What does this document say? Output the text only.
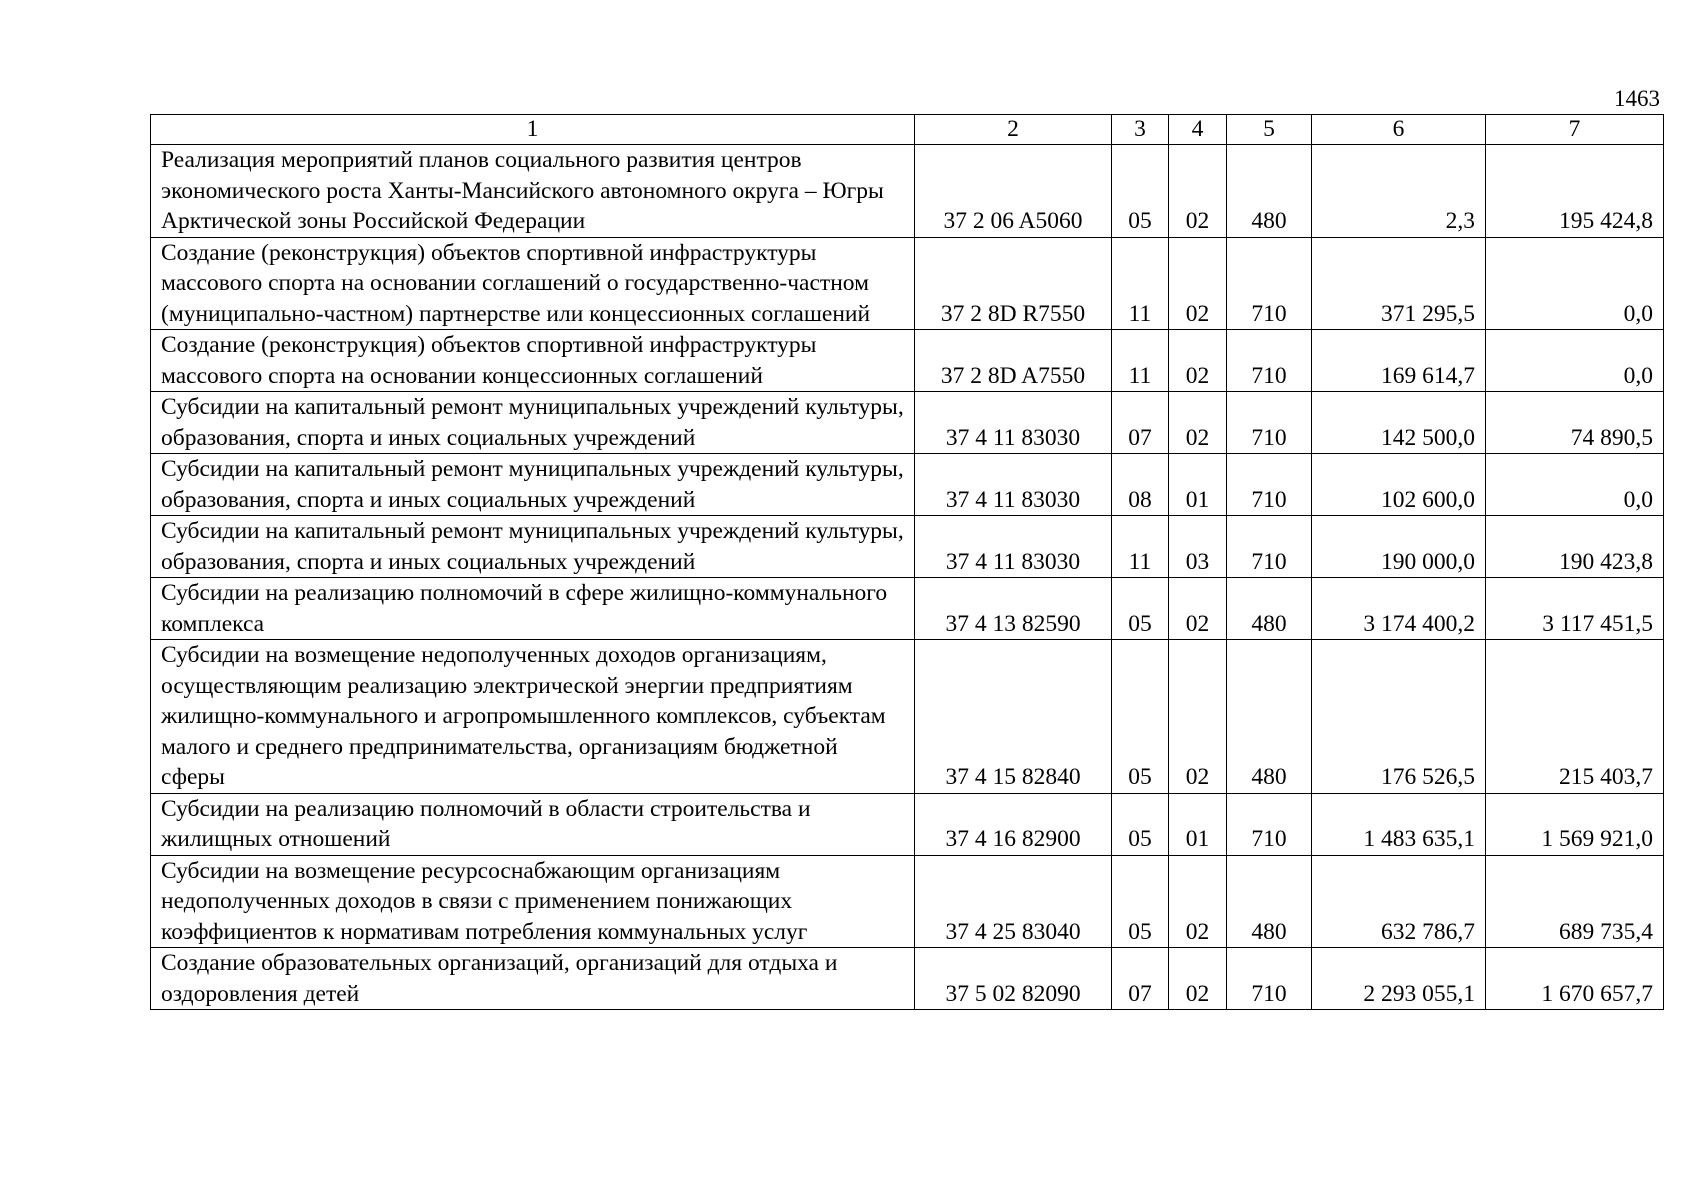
1463
1	2	3	4	5	6	7
Реализация мероприятий планов социального развития центров экономического роста Ханты-Мансийского автономного округа – Югры Арктической зоны Российской Федерации	37 2 06 A5060	05	02	480	2,3	195 424,8
Создание (реконструкция) объектов спортивной инфраструктуры массового спорта на основании соглашений о государственно-частном (муниципально-частном) партнерстве или концессионных соглашений	37 2 8D R7550	11	02	710	371 295,5	0,0
Создание (реконструкция) объектов спортивной инфраструктуры массового спорта на основании концессионных соглашений	37 2 8D A7550	11	02	710	169 614,7	0,0
Субсидии на капитальный ремонт муниципальных учреждений культуры, образования, спорта и иных социальных учреждений	37 4 11 83030	07	02	710	142 500,0	74 890,5
Субсидии на капитальный ремонт муниципальных учреждений культуры, образования, спорта и иных социальных учреждений	37 4 11 83030	08	01	710	102 600,0	0,0
Субсидии на капитальный ремонт муниципальных учреждений культуры, образования, спорта и иных социальных учреждений	37 4 11 83030	11	03	710	190 000,0	190 423,8
Субсидии на реализацию полномочий в сфере жилищно-коммунального комплекса	37 4 13 82590	05	02	480	3 174 400,2	3 117 451,5
Субсидии на возмещение недополученных доходов организациям, осуществляющим реализацию электрической энергии предприятиям жилищно-коммунального и агропромышленного комплексов, субъектам малого и среднего предпринимательства, организациям бюджетной сферы	37 4 15 82840	05	02	480	176 526,5	215 403,7
Субсидии на реализацию полномочий в области строительства и жилищных отношений	37 4 16 82900	05	01	710	1 483 635,1	1 569 921,0
Субсидии на возмещение ресурсоснабжающим организациям недополученных доходов в связи с применением понижающих коэффициентов к нормативам потребления коммунальных услуг	37 4 25 83040	05	02	480	632 786,7	689 735,4
Создание образовательных организаций, организаций для отдыха и оздоровления детей	37 5 02 82090	07	02	710	2 293 055,1	1 670 657,7
